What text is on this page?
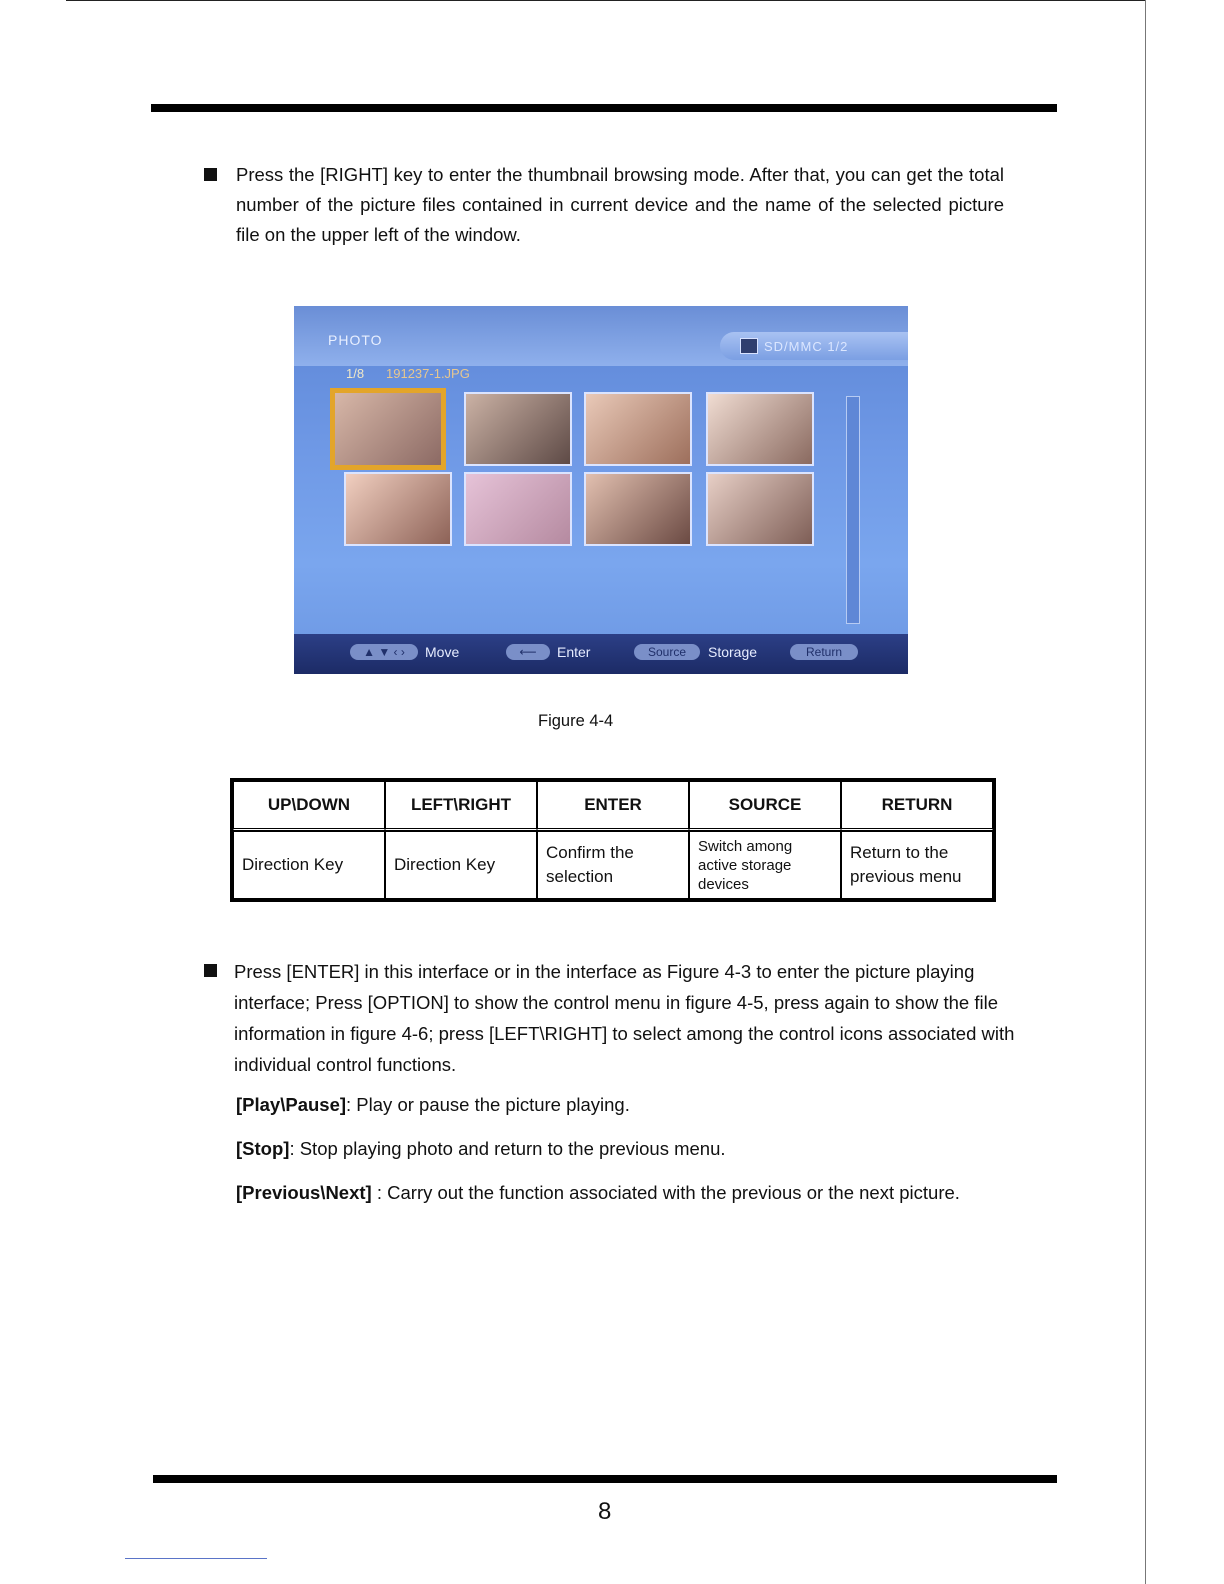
Press the [RIGHT] key to enter the thumbnail browsing mode. After that, you can get the total number of the picture files contained in current device and the name of the selected picture file on the upper left of the window.
PHOTO	SD/MMC 1/2
1/8 191237-1.JPG
▲ ▼ ‹ ›	Move	⟵	Enter	Source	Storage	Return
Figure 4-4
UP\DOWN	LEFT\RIGHT	ENTER	SOURCE	RETURN
Direction Key	Direction Key	Confirm the selection	Switch among active storage devices	Return to the previous menu
Press [ENTER] in this interface or in the interface as Figure 4-3 to enter the picture playing interface; Press [OPTION] to show the control menu in figure 4-5, press again to show the file information in figure 4-6; press [LEFT\RIGHT] to select among the control icons associated with individual control functions.
[Play\Pause]: Play or pause the picture playing.
[Stop]: Stop playing photo and return to the previous menu.
[Previous\Next] : Carry out the function associated with the previous or the next picture.
8
